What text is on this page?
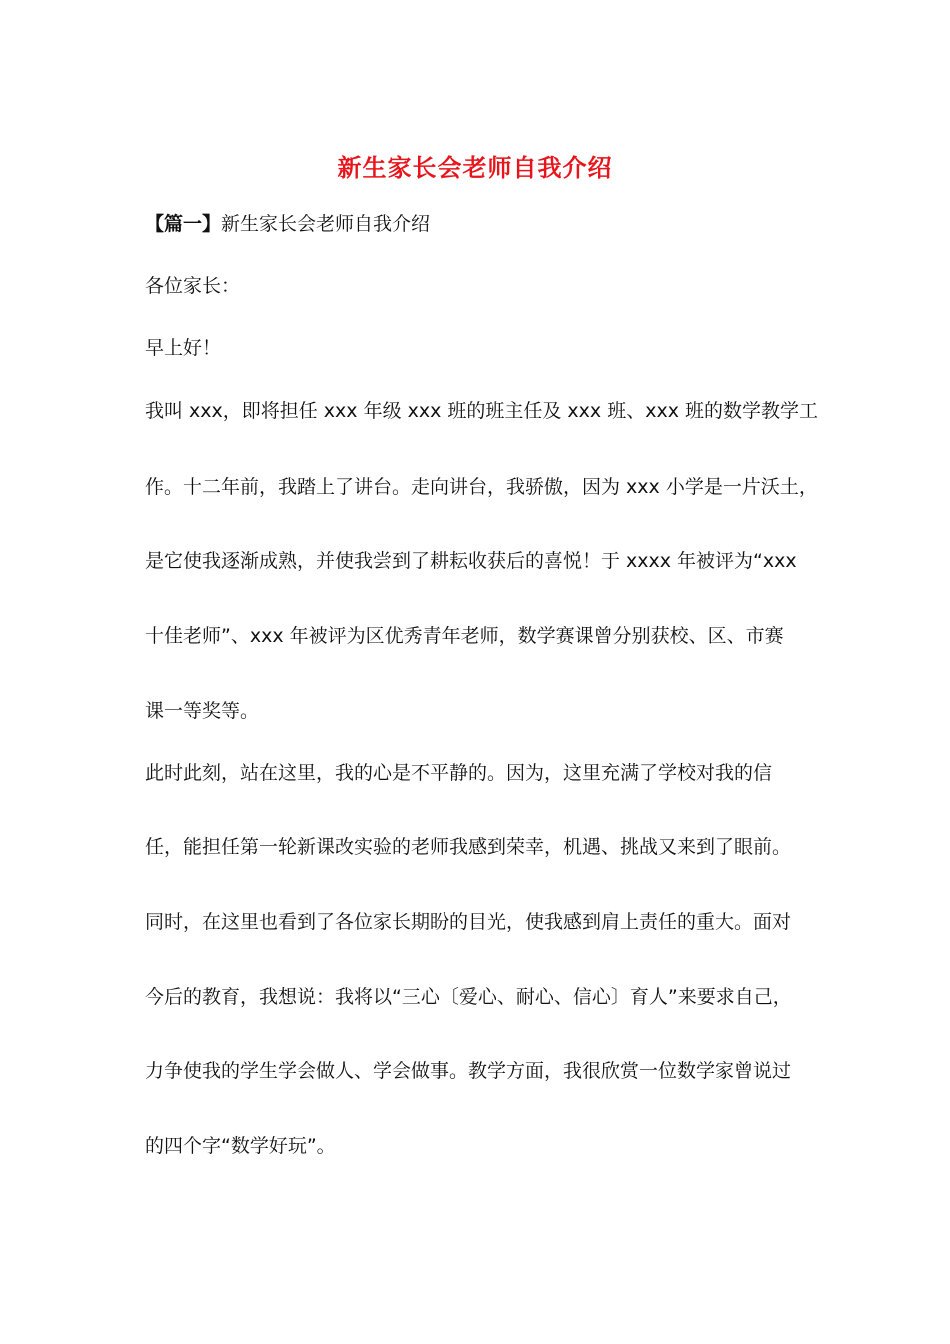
新生家长会老师自我介绍
【篇一】新生家长会老师自我介绍
各位家长：
早上好！
我叫 xxx，即将担任 xxx 年级 xxx 班的班主任及 xxx 班、xxx 班的数学教学工
作。十二年前，我踏上了讲台。走向讲台，我骄傲，因为 xxx 小学是一片沃土，
是它使我逐渐成熟，并使我尝到了耕耘收获后的喜悦！于 xxxx 年被评为“xxx
十佳老师”、xxx 年被评为区优秀青年老师，数学赛课曾分别获校、区、市赛
课一等奖等。
此时此刻，站在这里，我的心是不平静的。因为，这里充满了学校对我的信
任，能担任第一轮新课改实验的老师我感到荣幸，机遇、挑战又来到了眼前。
同时，在这里也看到了各位家长期盼的目光，使我感到肩上责任的重大。面对
今后的教育，我想说：我将以“三心〔爱心、耐心、信心〕育人”来要求自己，
力争使我的学生学会做人、学会做事。教学方面，我很欣赏一位数学家曾说过
的四个字“数学好玩”。
